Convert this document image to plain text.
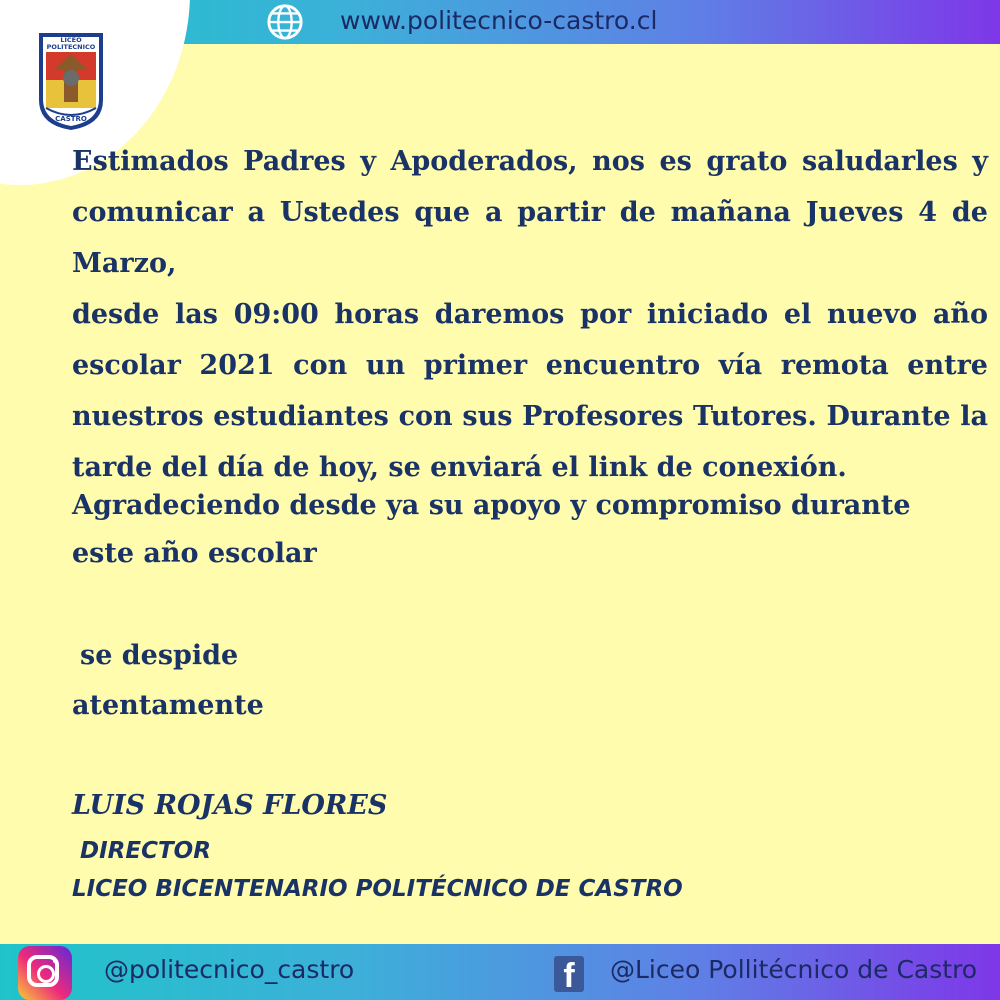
www.politecnico-castro.cl
LICEO
POLITECNICO
CASTRO
Estimados Padres y Apoderados, nos es grato saludarles y
comunicar a Ustedes que a partir de mañana Jueves 4 de Marzo,
desde las 09:00 horas daremos por iniciado el nuevo año
escolar 2021 con un primer encuentro vía remota entre
nuestros estudiantes con sus Profesores Tutores. Durante la
tarde del día de hoy, se enviará el link de conexión.
Agradeciendo desde ya su apoyo y compromiso durante
este año escolar
se despide
atentamente
LUIS ROJAS FLORES
DIRECTOR
LICEO BICENTENARIO POLITÉCNICO DE CASTRO
@politecnico_castro	f	@Liceo Pollitécnico de Castro
